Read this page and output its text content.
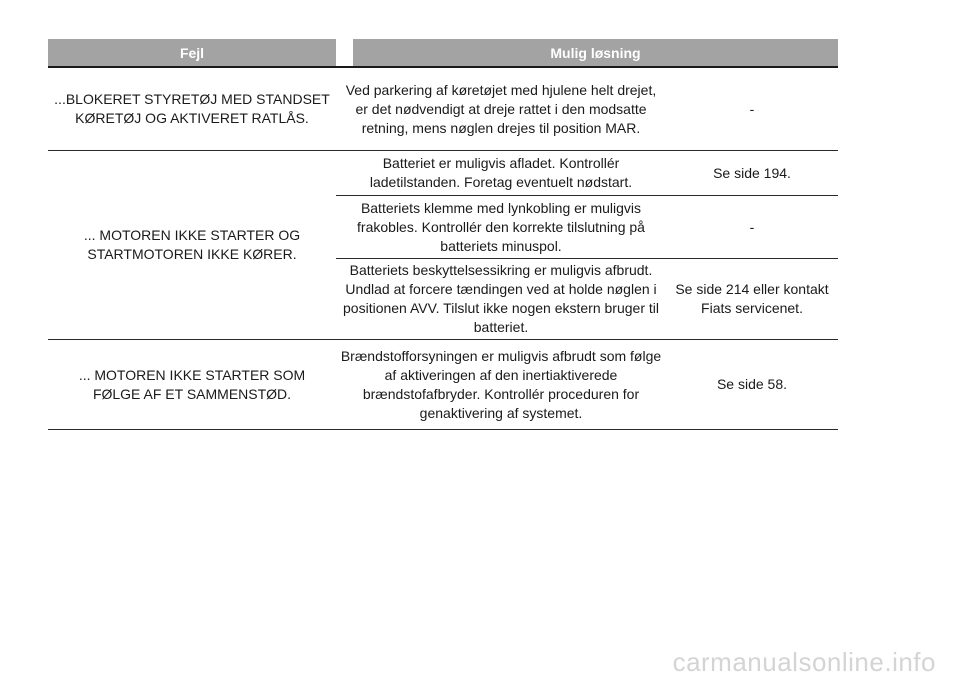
Fejl	Mulig løsning
...BLOKERET STYRETØJ MED STANDSET KØRETØJ OG AKTIVERET RATLÅS.
Ved parkering af køretøjet med hjulene helt drejet, er det nødvendigt at dreje rattet i den modsatte retning, mens nøglen drejes til position MAR.
-
... MOTOREN IKKE STARTER OG STARTMOTOREN IKKE KØRER.
Batteriet er muligvis afladet. Kontrollér ladetilstanden. Foretag eventuelt nødstart.
Se side 194.
Batteriets klemme med lynkobling er muligvis frakobles. Kontrollér den korrekte tilslutning på batteriets minuspol.
-
Batteriets beskyttelsessikring er muligvis afbrudt. Undlad at forcere tændingen ved at holde nøglen i positionen AVV. Tilslut ikke nogen ekstern bruger til batteriet.
Se side 214 eller kontakt Fiats servicenet.
... MOTOREN IKKE STARTER SOM FØLGE AF ET SAMMENSTØD.
Brændstofforsyningen er muligvis afbrudt som følge af aktiveringen af den inertiaktiverede brændstofafbryder. Kontrollér proceduren for genaktivering af systemet.
Se side 58.
carmanualsonline.info
